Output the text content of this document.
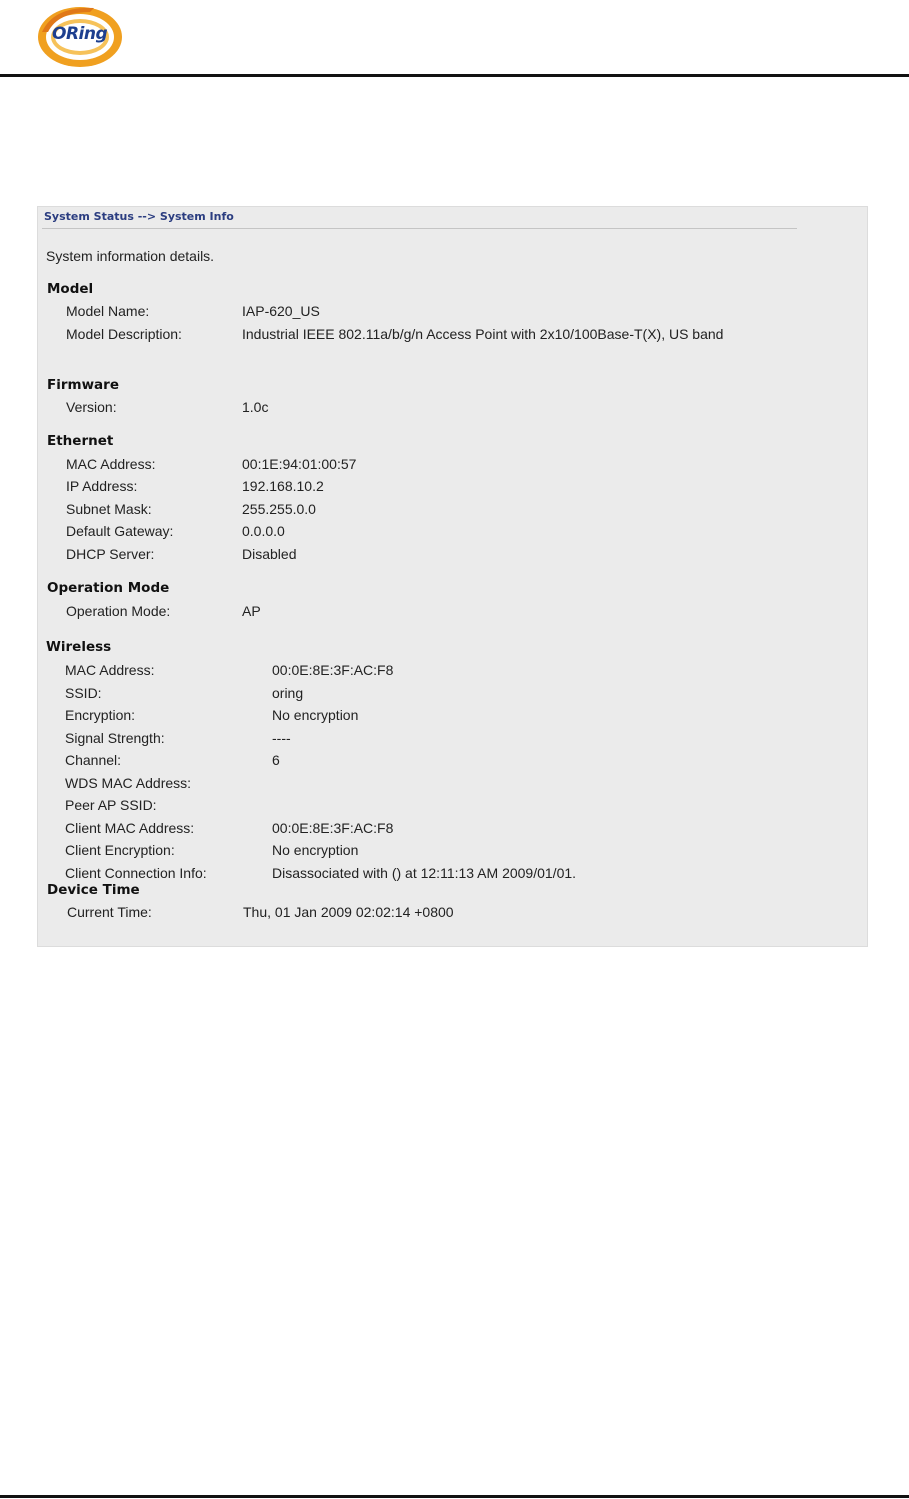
ORing
System Status --> System Info
System information details.
Model
Model Name:	IAP-620_US
Model Description:	Industrial IEEE 802.11a/b/g/n Access Point with 2x10/100Base-T(X), US band
Firmware
Version:	1.0c
Ethernet
MAC Address:	00:1E:94:01:00:57
IP Address:	192.168.10.2
Subnet Mask:	255.255.0.0
Default Gateway:	0.0.0.0
DHCP Server:	Disabled
Operation Mode
Operation Mode:	AP
Wireless
MAC Address:	00:0E:8E:3F:AC:F8
SSID:	oring
Encryption:	No encryption
Signal Strength:	----
Channel:	6
WDS MAC Address:
Peer AP SSID:
Client MAC Address:	00:0E:8E:3F:AC:F8
Client Encryption:	No encryption
Client Connection Info:	Disassociated with () at 12:11:13 AM 2009/01/01.
Device Time
Current Time:	Thu, 01 Jan 2009 02:02:14 +0800
